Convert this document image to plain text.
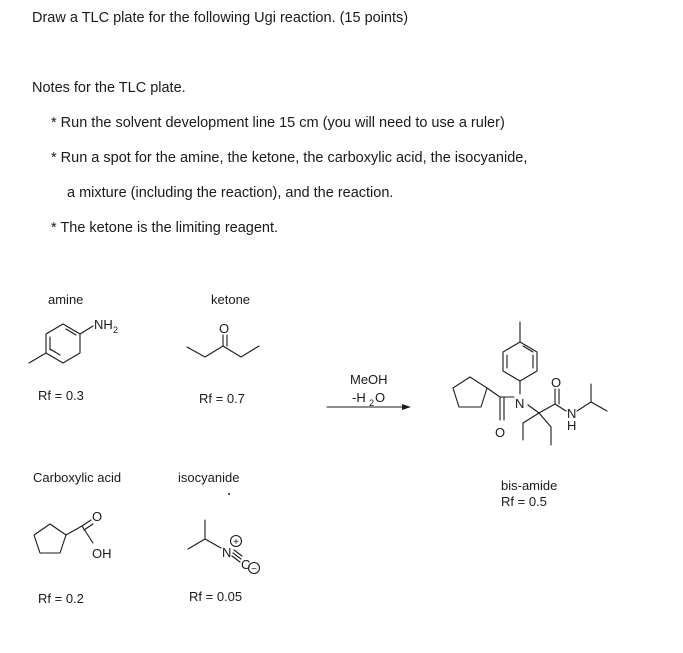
Draw a TLC plate for the following Ugi reaction. (15 points)
Notes for the TLC plate.
* Run the solvent development line 15 cm (you will need to use a ruler)
* Run a spot for the amine, the ketone, the carboxylic acid, the isocyanide,
a mixture (including the reaction), and the reaction.
* The ketone is the limiting reagent.
amine	ketone
Rf = 0.3	Rf = 0.7
Carboxylic acid	isocyanide
Rf = 0.2	Rf = 0.05
bis-amide
Rf = 0.5
NH 2	O
O
OH	N
C
+
−
MeOH
-H 2 O
O
N
O
N
H
